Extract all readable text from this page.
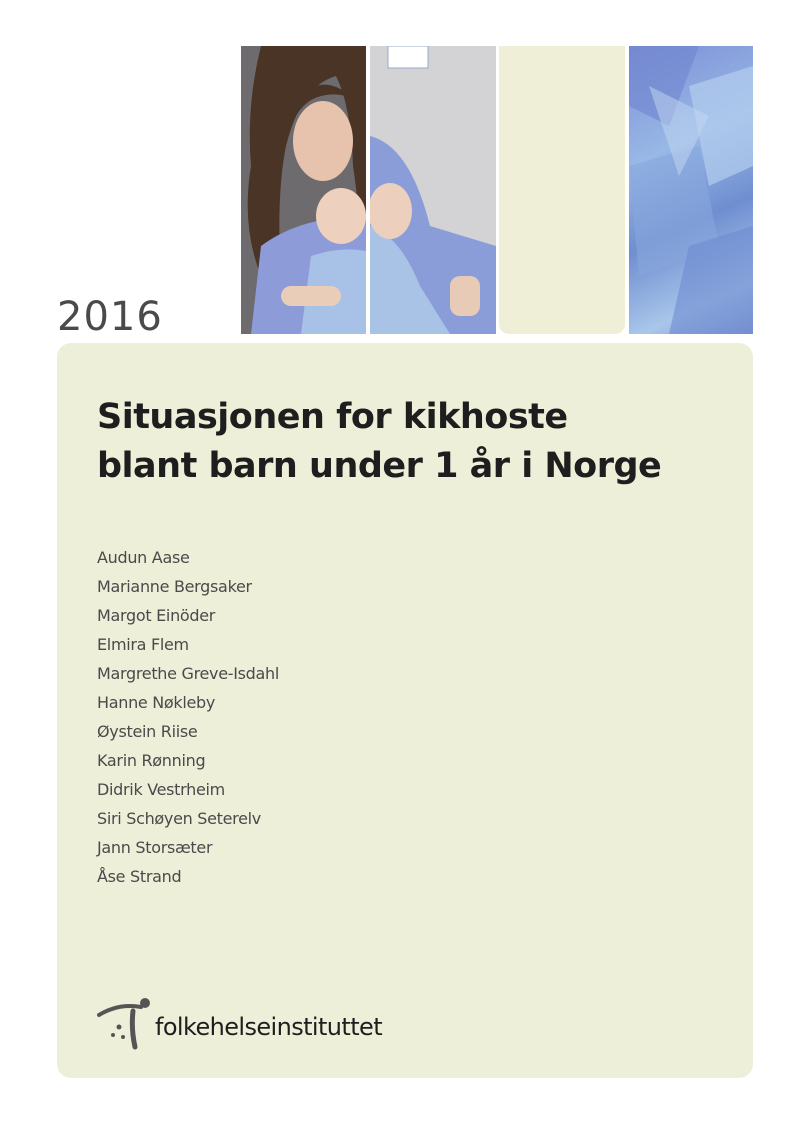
2016
Situasjonen for kikhoste
blant barn under 1 år i Norge
Audun Aase
Marianne Bergsaker
Margot Einöder
Elmira Flem
Margrethe Greve-Isdahl
Hanne Nøkleby
Øystein Riise
Karin Rønning
Didrik Vestrheim
Siri Schøyen Seterelv
Jann Storsæter
Åse Strand
folkehelseinstituttet
